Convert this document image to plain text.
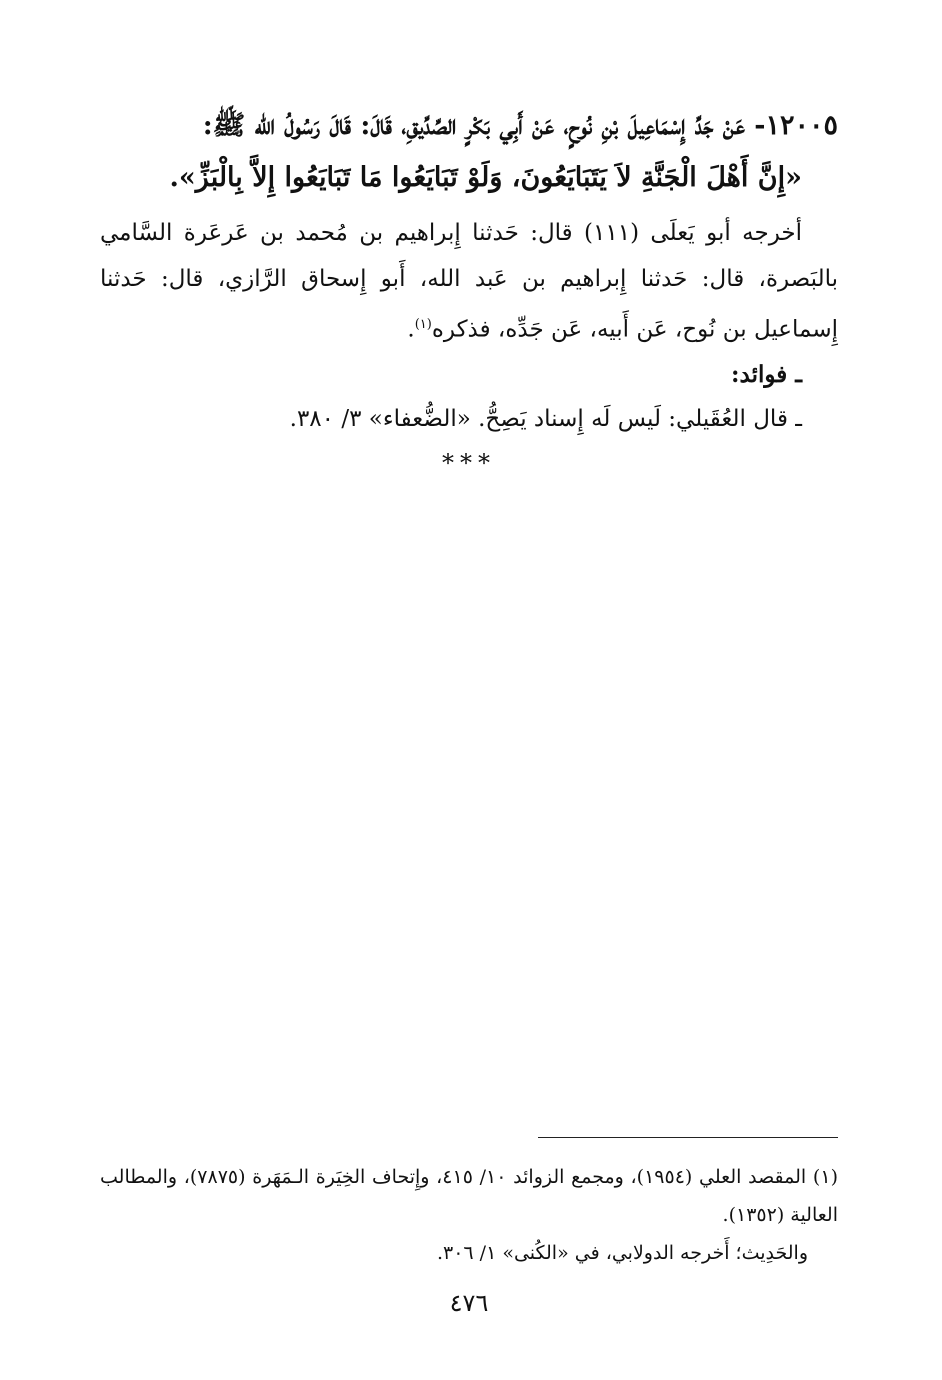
١٢٠٠٥- عَنْ جَدِّ إِسْمَاعِيلَ بْنِ نُوحٍ، عَنْ أَبِي بَكْرٍ الصِّدِّيقِ، قَالَ: قَالَ رَسُولُ الله ﷺ:

«إِنَّ أَهْلَ الْجَنَّةِ لاَ يَتَبَايَعُونَ، وَلَوْ تَبَايَعُوا مَا تَبَايَعُوا إِلاَّ بِالْبَزِّ».

أخرجه أبو يَعلَى (١١١) قال: حَدثنا إِبراهيم بن مُحمد بن عَرعَرة السَّامي بالبَصرة، قال: حَدثنا إِبراهيم بن عَبد الله، أَبو إِسحاق الرَّازي، قال: حَدثنا إِسماعيل بن نُوح، عَن أَبيه، عَن جَدِّه، فذكره$^{(١)}$.

ـ فوائد:

ـ قال العُقَيلي: لَيس لَه إِسناد يَصِحُّ. «الضُّعفاء» ٣/ ٣٨٠.

***

(١) المقصد العلي (١٩٥٤)، ومجمع الزوائد ١٠/ ٤١٥، وإِتحاف الخِيَرة الـمَهَرة (٧٨٧٥)، والمطالب العالية (١٣٥٢).

والحَدِيث؛ أَخرجه الدولابي، في «الكُنى» ١/ ٣٠٦.

٤٧٦
